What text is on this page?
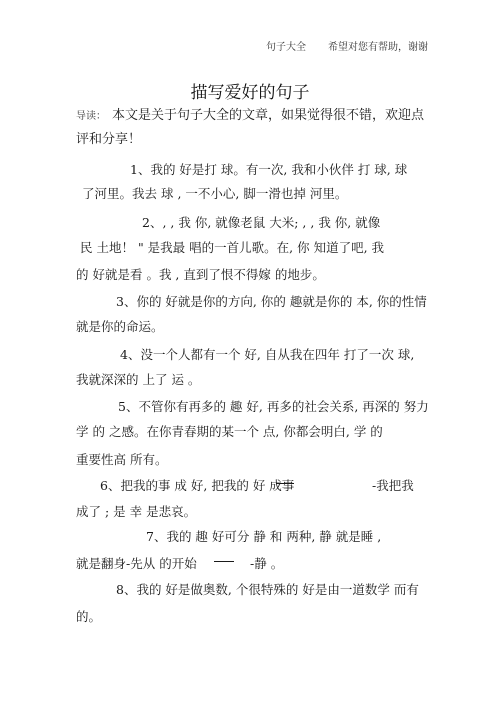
句子大全 希望对您有帮助，谢谢
描写爱好的句子
导读： 本文是关于句子大全的文章，如果觉得很不错，欢迎点评和分享！
1、我的 好是打 球。有一次, 我和小伙伴 打 球, 球
了河里。我去 球 , 一不小心, 脚一滑也掉 河里。
2、, , 我 你, 就像老鼠 大米; , , 我 你, 就像
民 土地！ " 是我最 唱的一首儿歌。在, 你 知道了吧, 我
的 好就是看 。我 , 直到了恨不得嫁 的地步。
3、你的 好就是你的方向, 你的 趣就是你的 本, 你的性情
就是你的命运。
4、没一个人都有一个 好, 自从我在四年 打了一次 球,
我就深深的 上了 运 。
5、不管你有再多的 趣 好, 再多的社会关系, 再深的 努力
学 的 之感。在你青春期的某一个 点, 你都会明白, 学 的
重要性高 所有。
6、把我的事 成 好, 把我的 好 成事	-我把我
成了 ; 是 幸 是悲哀。
7、我的 趣 好可分 静 和 两种, 静 就是睡 ,
就是翻身-先从 的开始	-静 。
8、我的 好是做奥数, 个很特殊的 好是由一道数学 而有
的。
